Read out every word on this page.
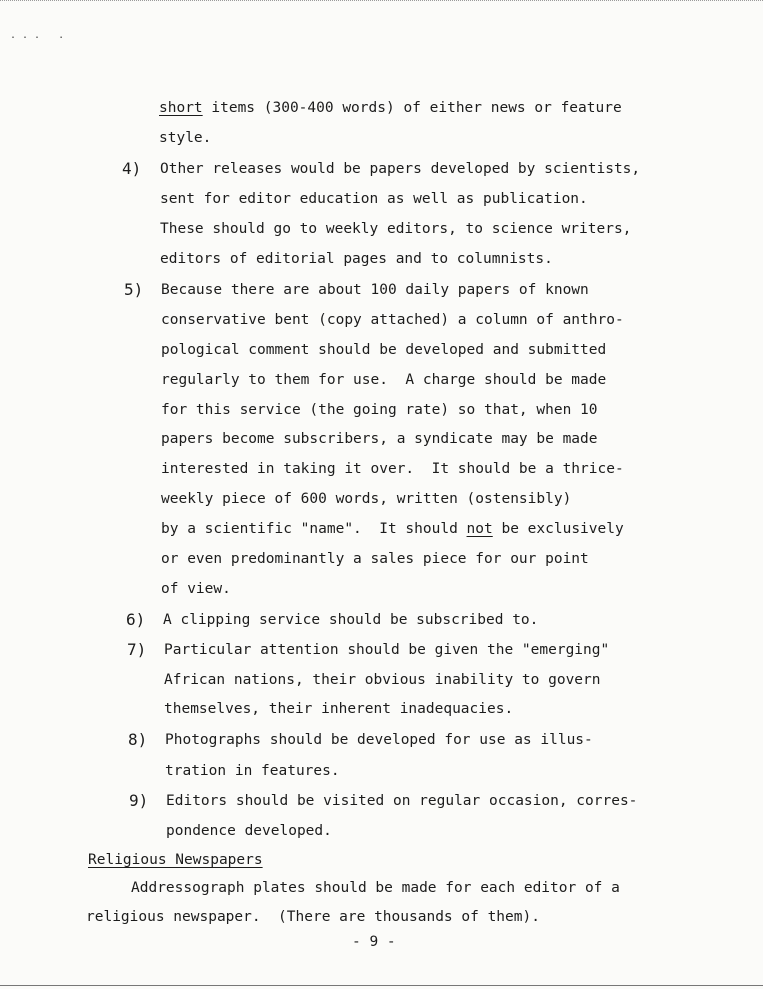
... .
short items (300-400 words) of either news or feature
style.
4) Other releases would be papers developed by scientists,
sent for editor education as well as publication.
These should go to weekly editors, to science writers,
editors of editorial pages and to columnists.
5) Because there are about 100 daily papers of known
conservative bent (copy attached) a column of anthro-
pological comment should be developed and submitted
regularly to them for use.  A charge should be made
for this service (the going rate) so that, when 10
papers become subscribers, a syndicate may be made
interested in taking it over.  It should be a thrice-
weekly piece of 600 words, written (ostensibly)
by a scientific "name".  It should not be exclusively
or even predominantly a sales piece for our point
of view.
6) A clipping service should be subscribed to.
7) Particular attention should be given the "emerging"
African nations, their obvious inability to govern
themselves, their inherent inadequacies.
8) Photographs should be developed for use as illus-
tration in features.
9) Editors should be visited on regular occasion, corres-
pondence developed.
Religious Newspapers
Addressograph plates should be made for each editor of a
religious newspaper.  (There are thousands of them).
- 9 -
